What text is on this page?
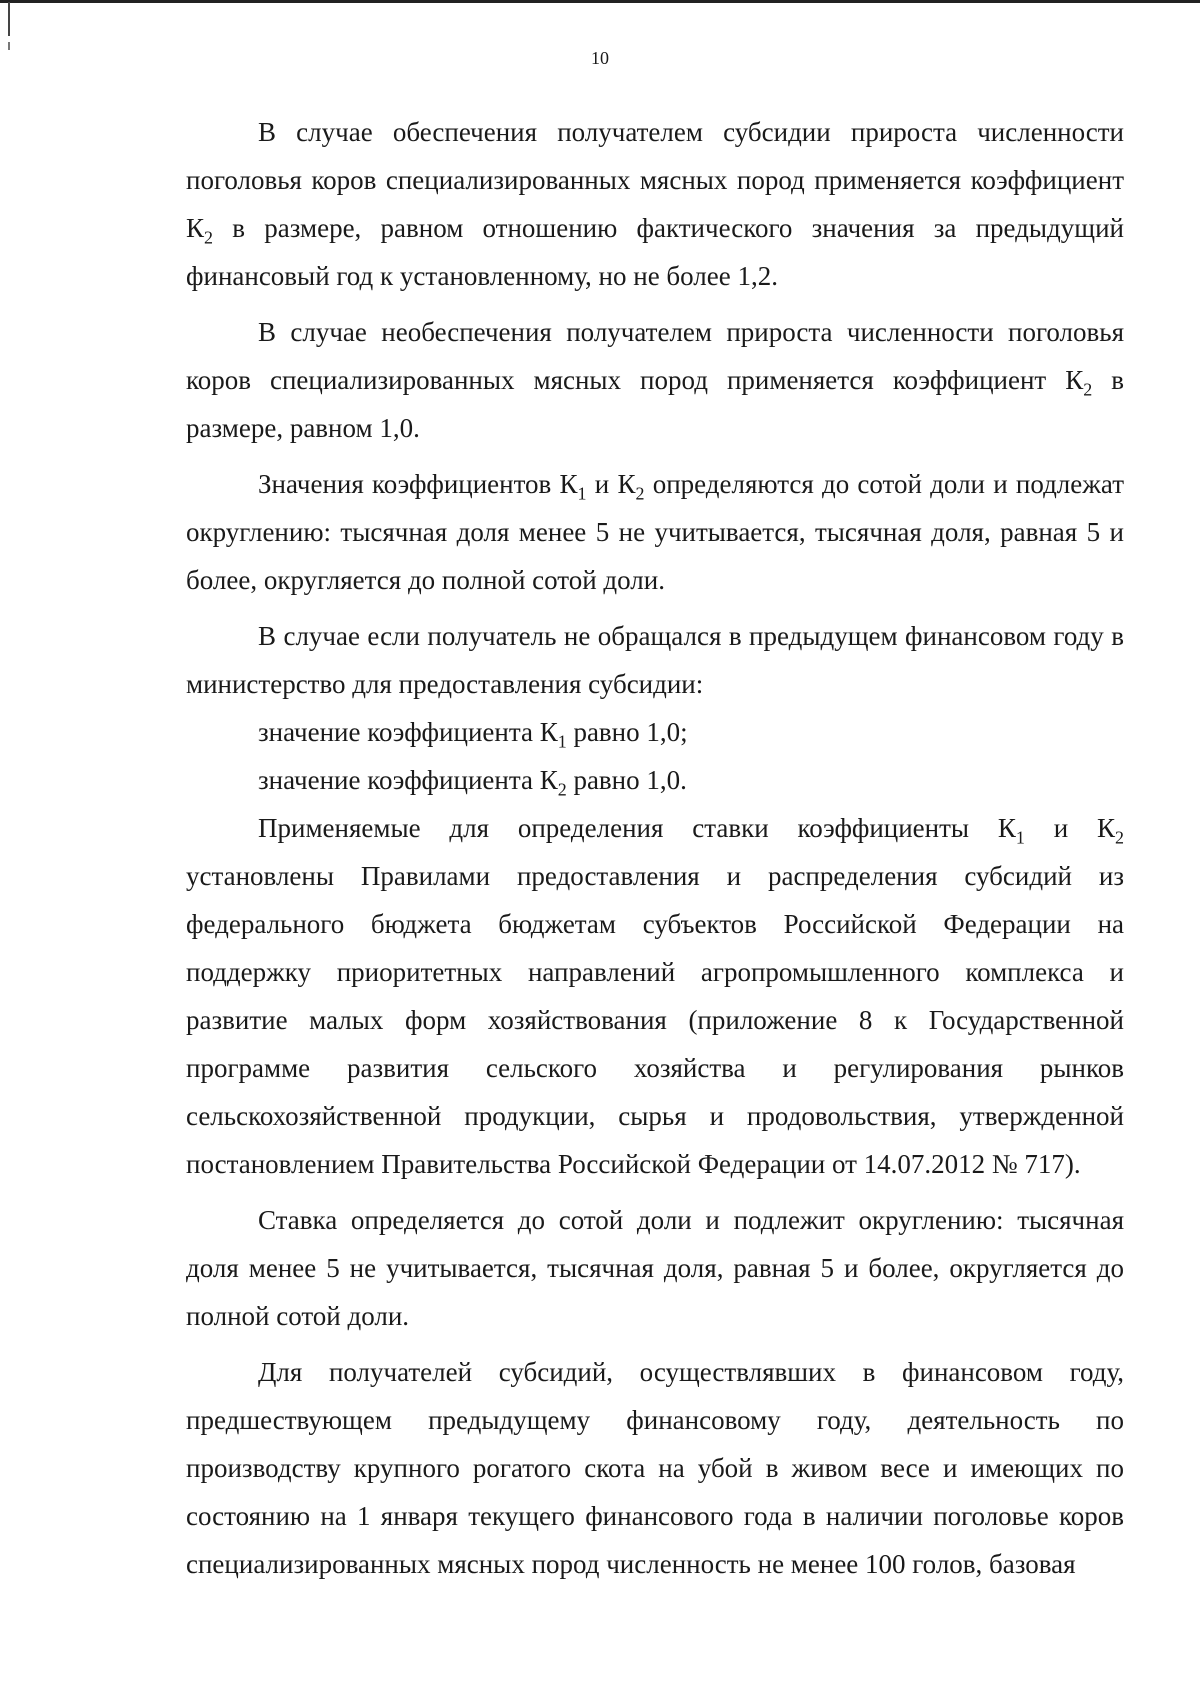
10

В случае обеспечения получателем субсидии прироста численности поголовья коров специализированных мясных пород применяется коэффициент $К_2$ в размере, равном отношению фактического значения за предыдущий финансовый год к установленному, но не более 1,2.

В случае необеспечения получателем прироста численности поголовья коров специализированных мясных пород применяется коэффициент $К_2$ в размере, равном 1,0.

Значения коэффициентов $К_1$ и $К_2$ определяются до сотой доли и подлежат округлению: тысячная доля менее 5 не учитывается, тысячная доля, равная 5 и более, округляется до полной сотой доли.

В случае если получатель не обращался в предыдущем финансовом году в министерство для предоставления субсидии:

значение коэффициента $К_1$ равно 1,0;

значение коэффициента $К_2$ равно 1,0.

Применяемые для определения ставки коэффициенты $К_1$ и $К_2$ установлены Правилами предоставления и распределения субсидий из федерального бюджета бюджетам субъектов Российской Федерации на поддержку приоритетных направлений агропромышленного комплекса и развитие малых форм хозяйствования (приложение 8 к Государственной программе развития сельского хозяйства и регулирования рынков сельскохозяйственной продукции, сырья и продовольствия, утвержденной постановлением Правительства Российской Федерации от 14.07.2012 № 717).

Ставка определяется до сотой доли и подлежит округлению: тысячная доля менее 5 не учитывается, тысячная доля, равная 5 и более, округляется до полной сотой доли.

Для получателей субсидий, осуществлявших в финансовом году, предшествующем предыдущему финансовому году, деятельность по производству крупного рогатого скота на убой в живом весе и имеющих по состоянию на 1 января текущего финансового года в наличии поголовье коров специализированных мясных пород численность не менее 100 голов, базовая
